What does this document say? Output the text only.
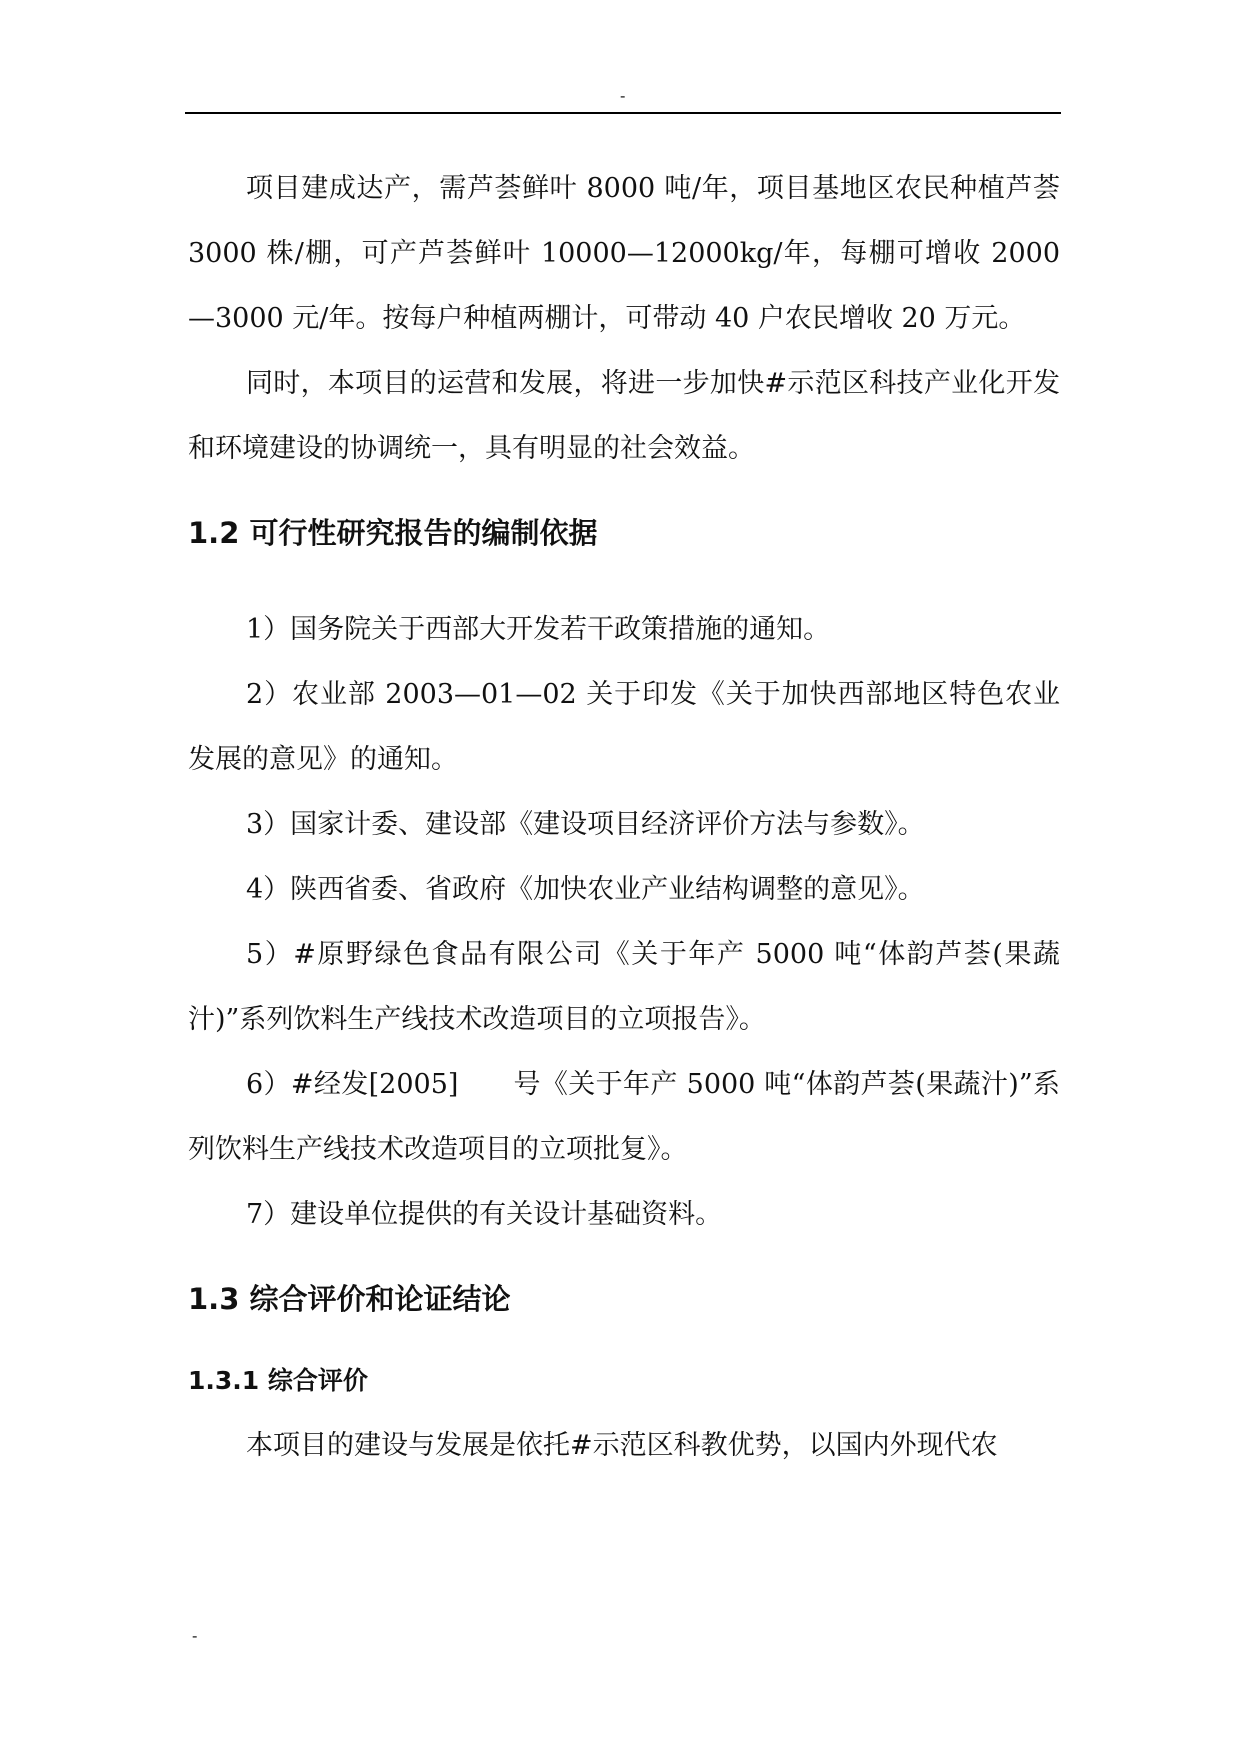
-

项目建成达产，需芦荟鲜叶 8000 吨/年，项目基地区农民种植芦荟 3000 株/棚，可产芦荟鲜叶 10000—12000kg/年，每棚可增收 2000—3000 元/年。按每户种植两棚计，可带动 40 户农民增收 20 万元。

同时，本项目的运营和发展，将进一步加快#示范区科技产业化开发和环境建设的协调统一，具有明显的社会效益。

1.2 可行性研究报告的编制依据

1）国务院关于西部大开发若干政策措施的通知。

2）农业部 2003—01—02 关于印发《关于加快西部地区特色农业发展的意见》的通知。

3）国家计委、建设部《建设项目经济评价方法与参数》。

4）陕西省委、省政府《加快农业产业结构调整的意见》。

5）#原野绿色食品有限公司《关于年产 5000 吨“体韵芦荟(果蔬汁)”系列饮料生产线技术改造项目的立项报告》。

6）#经发[2005]　　号《关于年产 5000 吨“体韵芦荟(果蔬汁)”系列饮料生产线技术改造项目的立项批复》。

7）建设单位提供的有关设计基础资料。

1.3 综合评价和论证结论
1.3.1 综合评价

本项目的建设与发展是依托#示范区科教优势，以国内外现代农

-
